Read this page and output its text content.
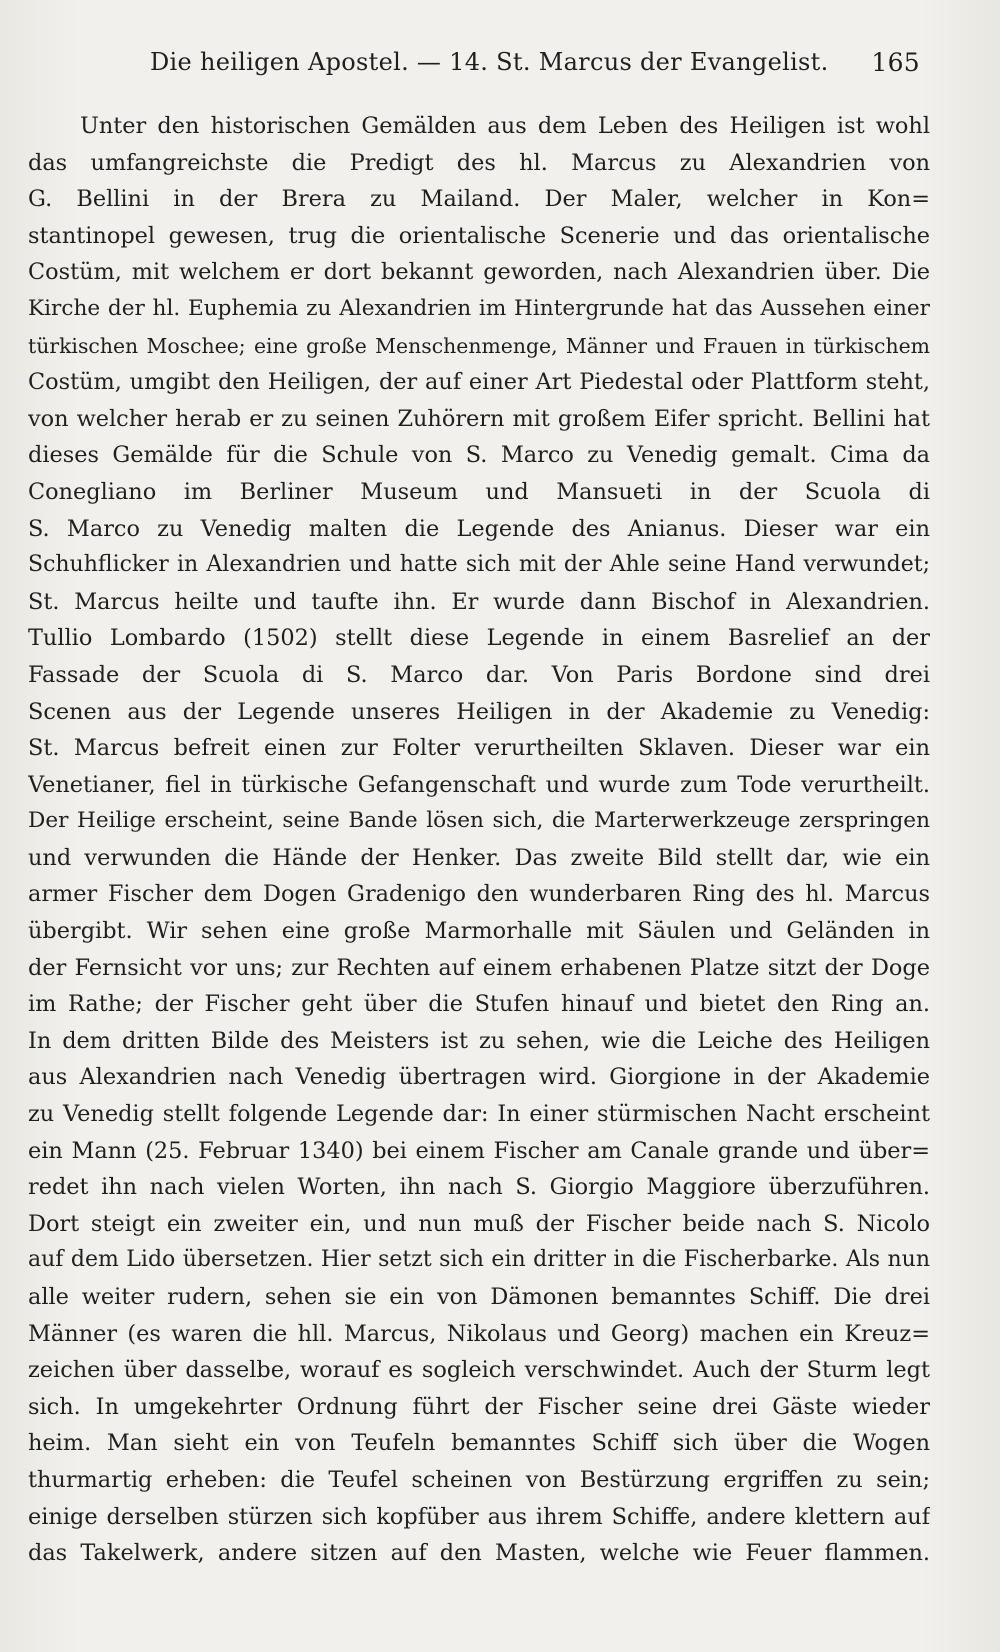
Die heiligen Apostel. — 14. St. Marcus der Evangelist. 165
Unter den historischen Gemälden aus dem Leben des Heiligen ist wohl
das umfangreichste die Predigt des hl. Marcus zu Alexandrien von
G. Bellini in der Brera zu Mailand. Der Maler, welcher in Kon=
stantinopel gewesen, trug die orientalische Scenerie und das orientalische
Costüm, mit welchem er dort bekannt geworden, nach Alexandrien über. Die
Kirche der hl. Euphemia zu Alexandrien im Hintergrunde hat das Aussehen einer
türkischen Moschee; eine große Menschenmenge, Männer und Frauen in türkischem
Costüm, umgibt den Heiligen, der auf einer Art Piedestal oder Plattform steht,
von welcher herab er zu seinen Zuhörern mit großem Eifer spricht. Bellini hat
dieses Gemälde für die Schule von S. Marco zu Venedig gemalt. Cima da
Conegliano im Berliner Museum und Mansueti in der Scuola di
S. Marco zu Venedig malten die Legende des Anianus. Dieser war ein
Schuhflicker in Alexandrien und hatte sich mit der Ahle seine Hand verwundet;
St. Marcus heilte und taufte ihn. Er wurde dann Bischof in Alexandrien.
Tullio Lombardo (1502) stellt diese Legende in einem Basrelief an der
Fassade der Scuola di S. Marco dar. Von Paris Bordone sind drei
Scenen aus der Legende unseres Heiligen in der Akademie zu Venedig:
St. Marcus befreit einen zur Folter verurtheilten Sklaven. Dieser war ein
Venetianer, fiel in türkische Gefangenschaft und wurde zum Tode verurtheilt.
Der Heilige erscheint, seine Bande lösen sich, die Marterwerkzeuge zerspringen
und verwunden die Hände der Henker. Das zweite Bild stellt dar, wie ein
armer Fischer dem Dogen Gradenigo den wunderbaren Ring des hl. Marcus
übergibt. Wir sehen eine große Marmorhalle mit Säulen und Geländen in
der Fernsicht vor uns; zur Rechten auf einem erhabenen Platze sitzt der Doge
im Rathe; der Fischer geht über die Stufen hinauf und bietet den Ring an.
In dem dritten Bilde des Meisters ist zu sehen, wie die Leiche des Heiligen
aus Alexandrien nach Venedig übertragen wird. Giorgione in der Akademie
zu Venedig stellt folgende Legende dar: In einer stürmischen Nacht erscheint
ein Mann (25. Februar 1340) bei einem Fischer am Canale grande und über=
redet ihn nach vielen Worten, ihn nach S. Giorgio Maggiore überzuführen.
Dort steigt ein zweiter ein, und nun muß der Fischer beide nach S. Nicolo
auf dem Lido übersetzen. Hier setzt sich ein dritter in die Fischerbarke. Als nun
alle weiter rudern, sehen sie ein von Dämonen bemanntes Schiff. Die drei
Männer (es waren die hll. Marcus, Nikolaus und Georg) machen ein Kreuz=
zeichen über dasselbe, worauf es sogleich verschwindet. Auch der Sturm legt
sich. In umgekehrter Ordnung führt der Fischer seine drei Gäste wieder
heim. Man sieht ein von Teufeln bemanntes Schiff sich über die Wogen
thurmartig erheben: die Teufel scheinen von Bestürzung ergriffen zu sein;
einige derselben stürzen sich kopfüber aus ihrem Schiffe, andere klettern auf
das Takelwerk, andere sitzen auf den Masten, welche wie Feuer flammen.
